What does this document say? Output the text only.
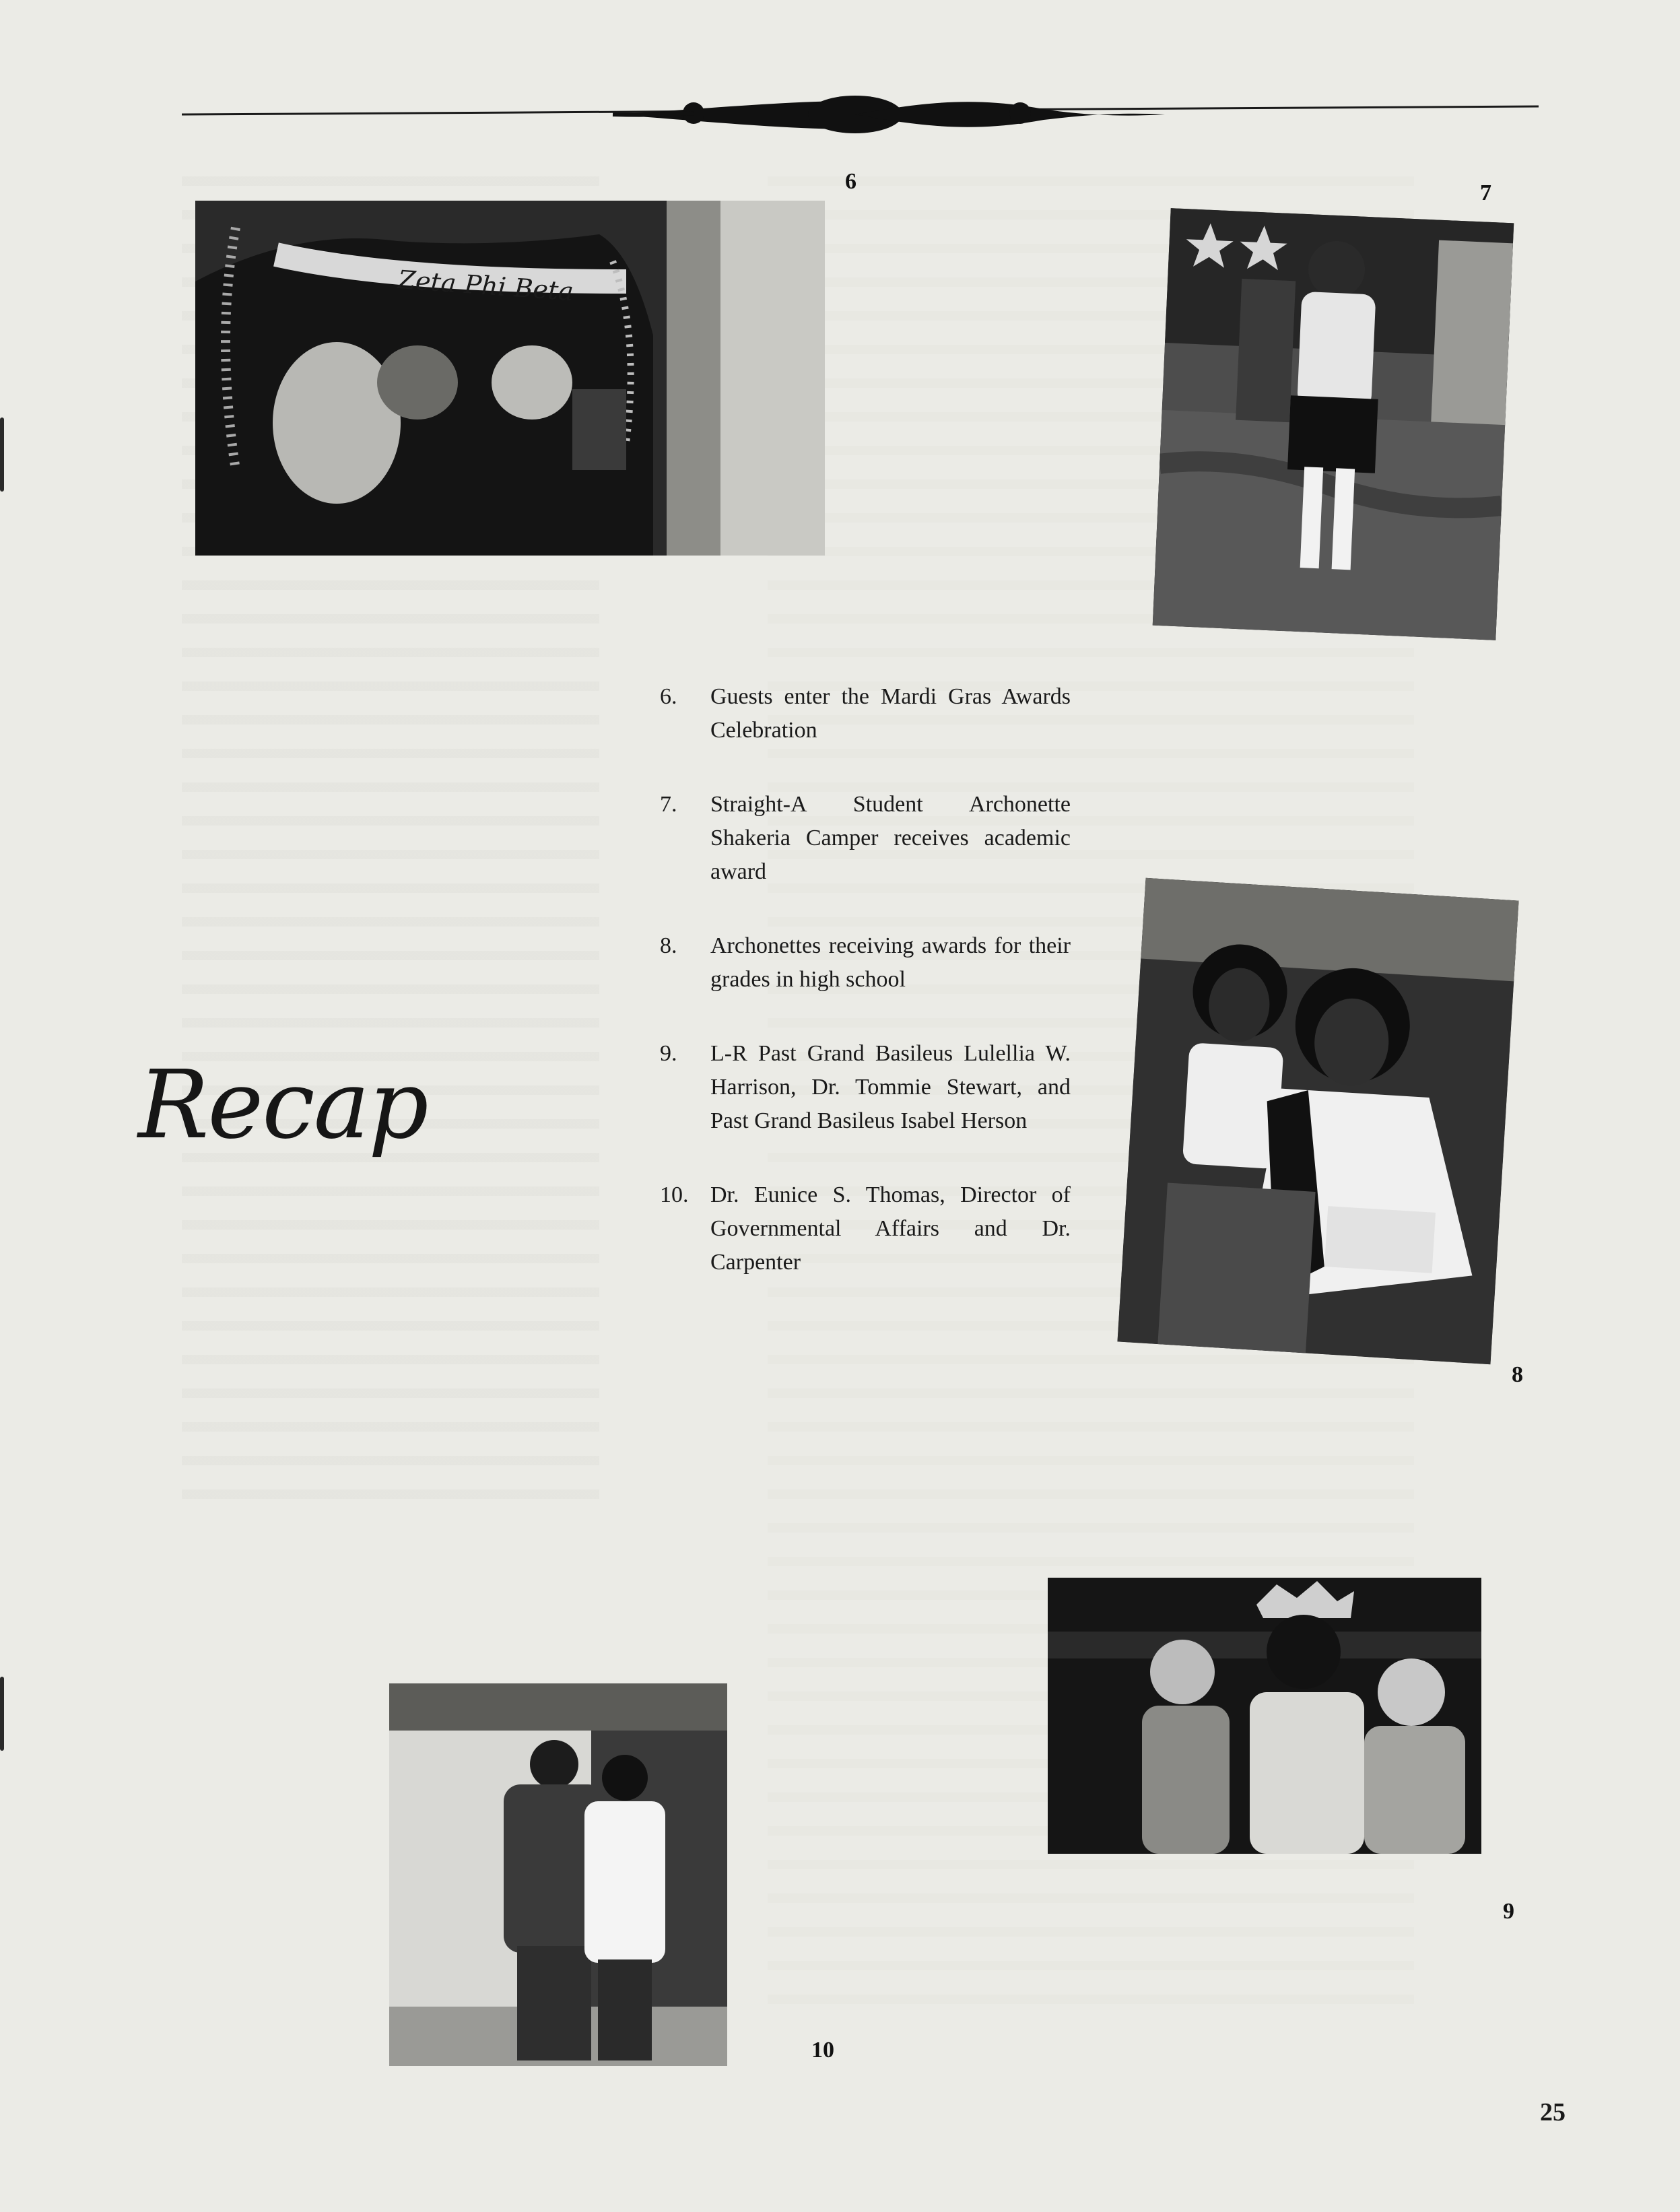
Zeta Phi Beta
6	7
6.	Guests enter the Mardi Gras Awards Celebration
7.	Straight-A Student Archonette Shakeria Camper receives academic award
8.	Archonettes receiving awards for their grades in high school
9.	L-R Past Grand Basileus Lulellia W. Harrison, Dr. Tommie Stewart, and Past Grand Basileus Isabel Herson
10. Dr. Eunice S. Thomas, Director of Governmental Affairs and Dr. Carpenter
Recap
8
9
10
25
